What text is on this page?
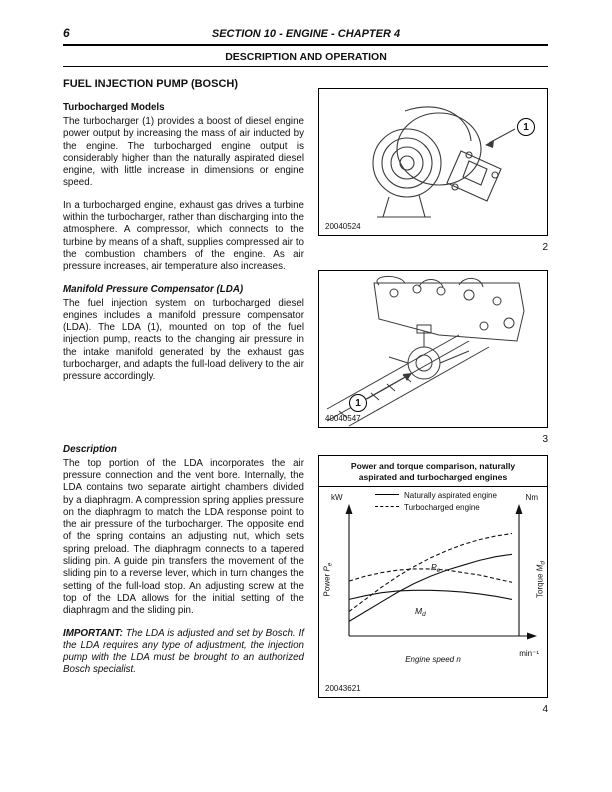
6	SECTION 10 - ENGINE - CHAPTER 4
DESCRIPTION AND OPERATION
FUEL INJECTION PUMP (BOSCH)
Turbocharged Models

The turbocharger (1) provides a boost of diesel engine power output by increasing the mass of air inducted by the engine. The turbocharged engine output is considerably higher than the naturally aspirated diesel engine, with little increase in dimensions or engine speed.

In a turbocharged engine, exhaust gas drives a turbine within the turbocharger, rather than discharging into the atmosphere. A compressor, which connects to the turbine by means of a shaft, supplies compressed air to the combustion chambers of the engine. As air pressure increases, air temperature also increases.

Manifold Pressure Compensator (LDA)

The fuel injection system on turbocharged diesel engines includes a manifold pressure compensator (LDA). The LDA (1), mounted on top of the fuel injection pump, reacts to the changing air pressure in the intake manifold generated by the exhaust gas turbocharger, and adapts the full-load delivery to the air pressure accordingly.

Description

The top portion of the LDA incorporates the air pressure connection and the vent bore. Internally, the LDA contains two separate airtight chambers divided by a diaphragm. A compression spring applies pressure on the diaphragm to match the LDA response point to the air pressure of the turbocharger. The opposite end of the spring contains an adjusting nut, which sets spring preload. The diaphragm connects to a tapered sliding pin. A guide pin transfers the movement of the sliding pin to a reverse lever, which in turn changes the setting of the full-load stop. An adjusting screw at the top of the LDA allows for the initial setting of the diaphragm and the sliding pin.

IMPORTANT: The LDA is adjusted and set by Bosch. If the LDA requires any type of adjustment, the injection pump with the LDA must be brought to an authorized Bosch specialist.

1
20040524
2
1
40040547
3
Power and torque comparison, naturally
aspirated and turbocharged engines
Naturally aspirated engine
Turbocharged engine
kW	Nm
Power $P_e$
Torque $M_d$
$P_e$
$M_d$
Engine speed n
min⁻¹
20043621
4
